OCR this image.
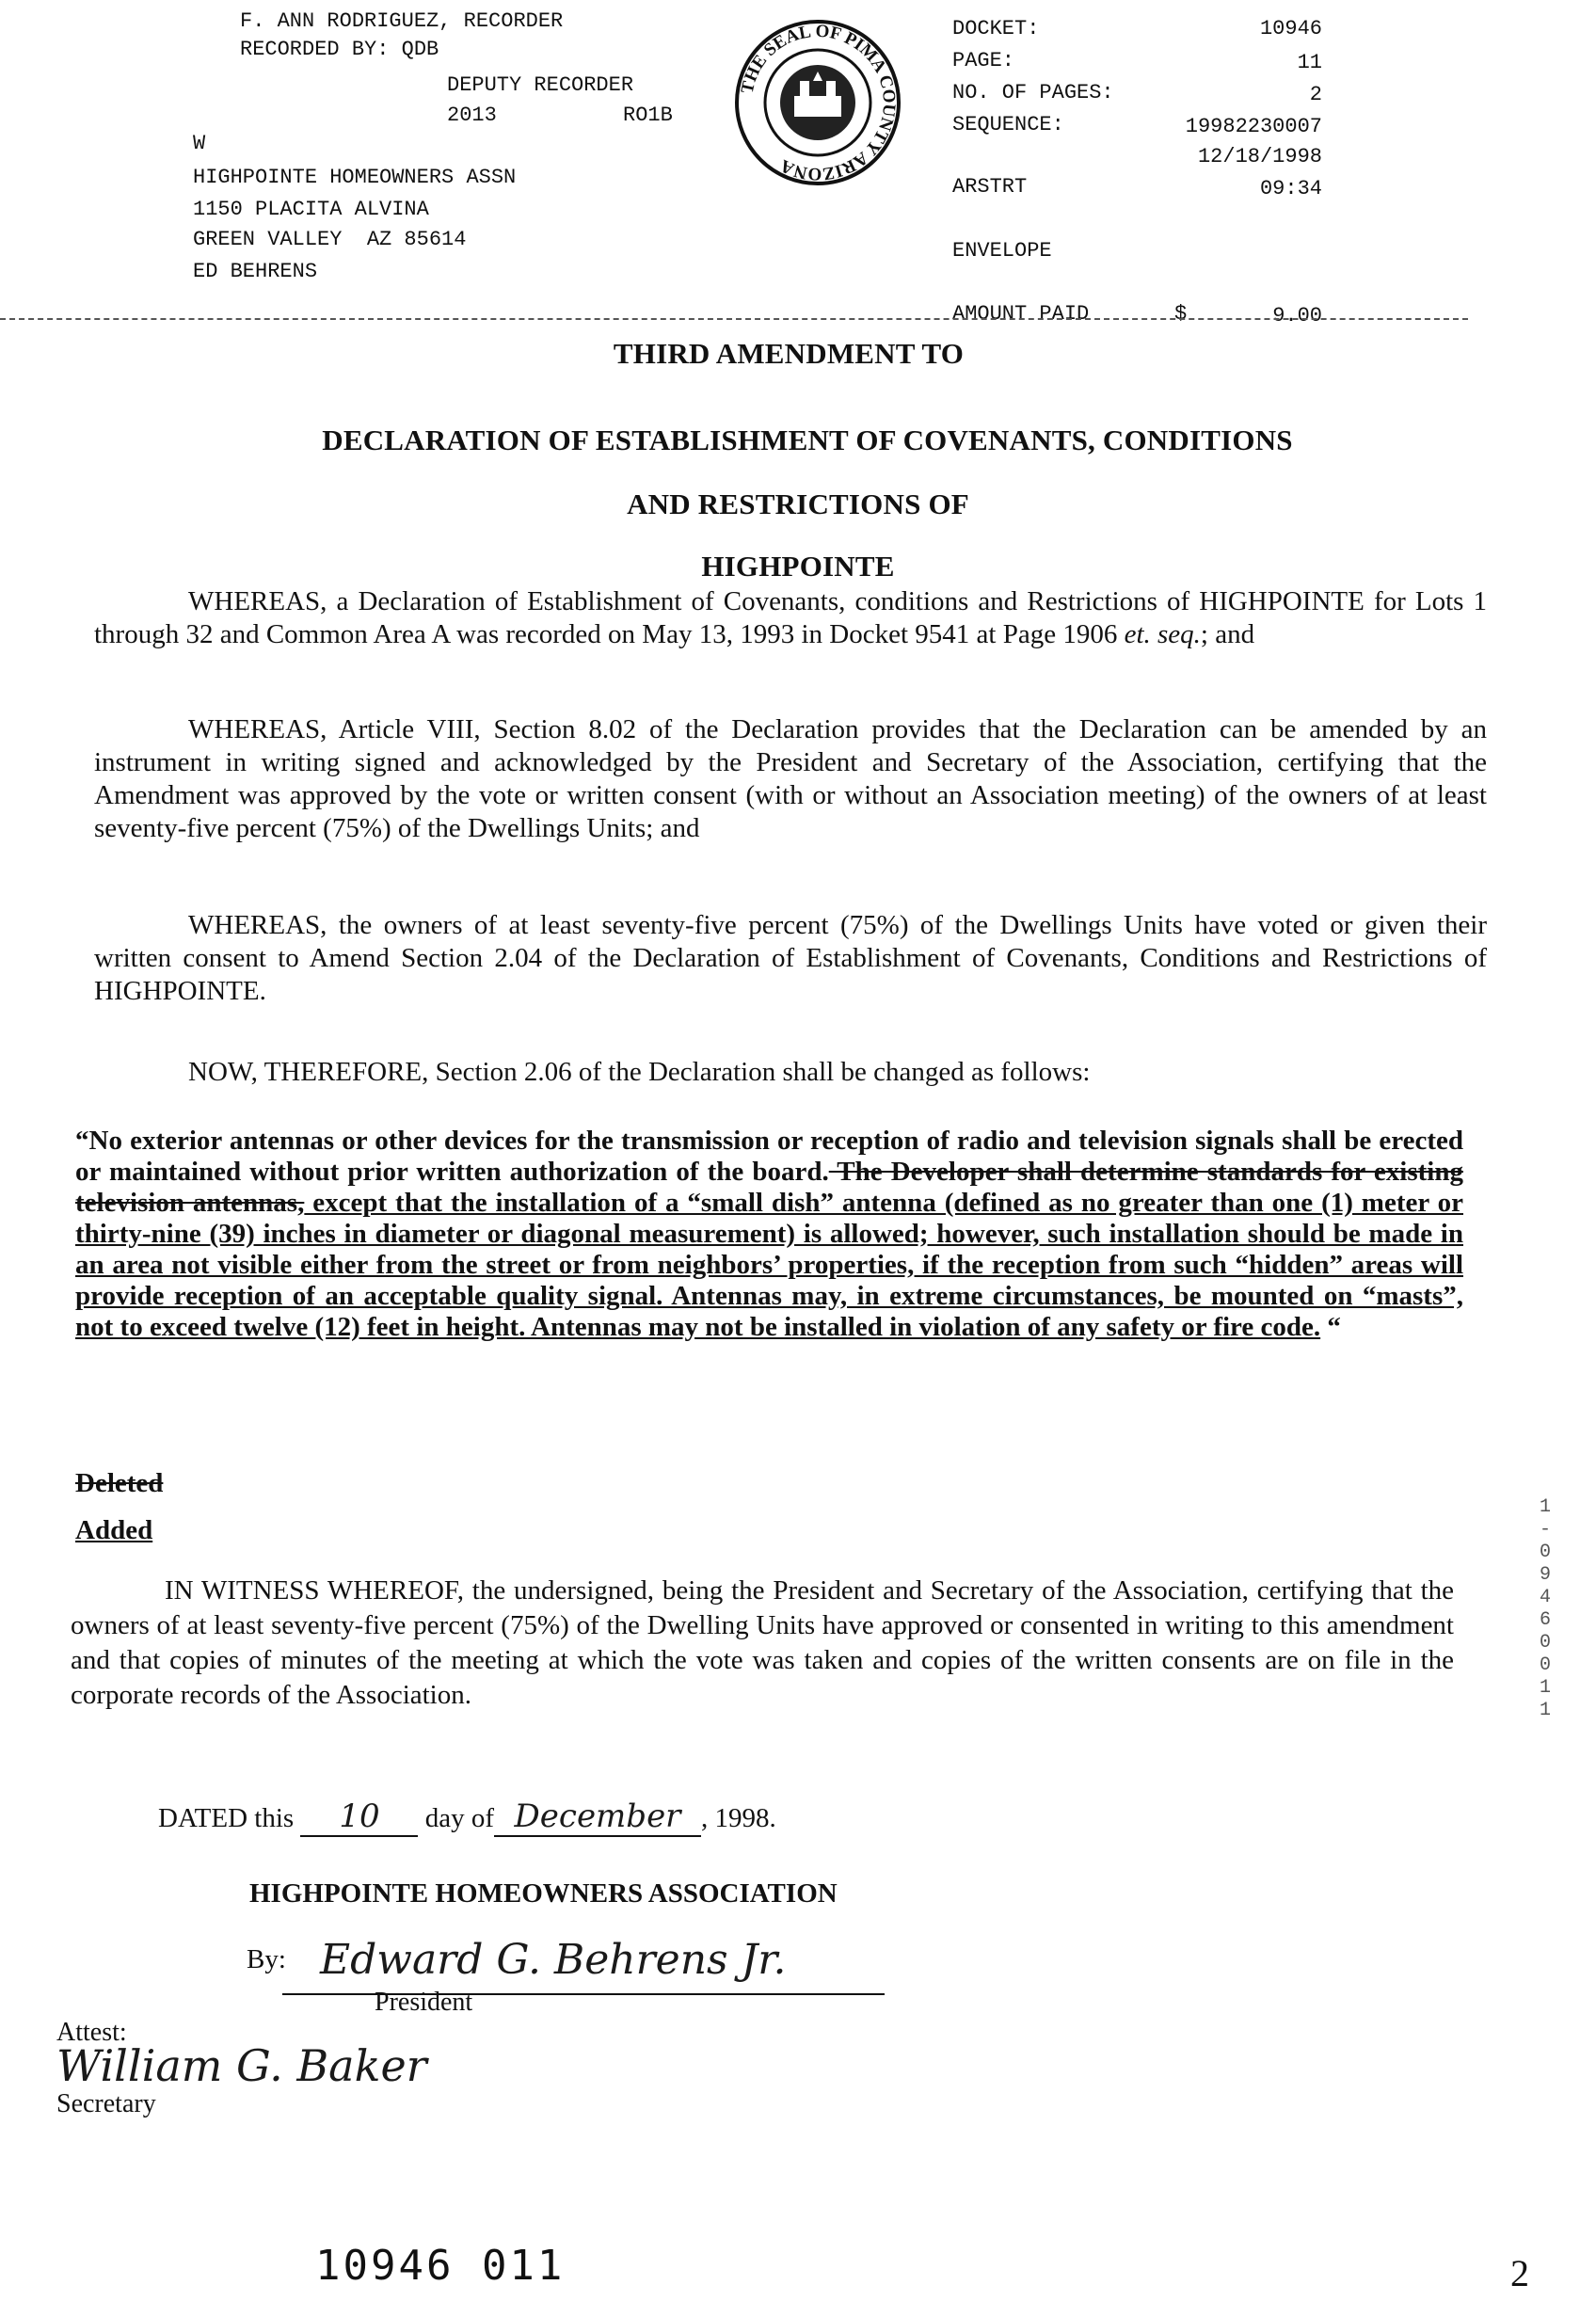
F. ANN RODRIGUEZ, RECORDER
RECORDED BY: QDB
DEPUTY RECORDER
2013	RO1B
W
HIGHPOINTE HOMEOWNERS ASSN
1150 PLACITA ALVINA
GREEN VALLEY  AZ 85614
ED BEHRENS
THE SEAL OF PIMA COUNTY ARIZONA
DOCKET:	10946
PAGE:	11
NO. OF PAGES:	2
SEQUENCE:	19982230007
12/18/1998
ARSTRT	09:34
ENVELOPE
AMOUNT PAID	$	9.00
THIRD AMENDMENT TO
DECLARATION OF ESTABLISHMENT OF COVENANTS, CONDITIONS
AND RESTRICTIONS OF
HIGHPOINTE
WHEREAS, a Declaration of Establishment of Covenants, conditions and Restrictions of HIGHPOINTE for Lots 1 through 32 and Common Area A was recorded on May 13, 1993 in Docket 9541 at Page 1906 et. seq.; and
WHEREAS, Article VIII, Section 8.02 of the Declaration provides that the Declaration can be amended by an instrument in writing signed and acknowledged by the President and Secretary of the Association, certifying that the Amendment was approved by the vote or written consent (with or without an Association meeting) of the owners of at least seventy-five percent (75%) of the Dwellings Units; and
WHEREAS, the owners of at least seventy-five percent (75%) of the Dwellings Units have voted or given their written consent to Amend Section 2.04 of the Declaration of Establishment of Covenants, Conditions and Restrictions of HIGHPOINTE.
NOW, THEREFORE, Section 2.06 of the Declaration shall be changed as follows:
“No exterior antennas or other devices for the transmission or reception of radio and television signals shall be erected or maintained without prior written authorization of the board. The Developer shall determine standards for existing television antennas, except that the installation of a “small dish” antenna (defined as no greater than one (1) meter or thirty-nine (39) inches in diameter or diagonal measurement) is allowed; however, such installation should be made in an area not visible either from the street or from neighbors’ properties, if the reception from such “hidden” areas will provide reception of an acceptable quality signal. Antennas may, in extreme circumstances, be mounted on “masts”, not to exceed twelve (12) feet in height. Antennas may not be installed in violation of any safety or fire code. “
Deleted
Added
IN WITNESS WHEREOF, the undersigned, being the President and Secretary of the Association, certifying that the owners of at least seventy-five percent (75%) of the Dwelling Units have approved or consented in writing to this amendment and that copies of minutes of the meeting at which the vote was taken and copies of the written consents are on file in the corporate records of the Association.
DATED this 10 day of December , 1998.
HIGHPOINTE HOMEOWNERS ASSOCIATION
By: Edward G. Behrens Jr.
President
Attest:
William G. Baker
Secretary
1-0946 0011
10946 011	2
